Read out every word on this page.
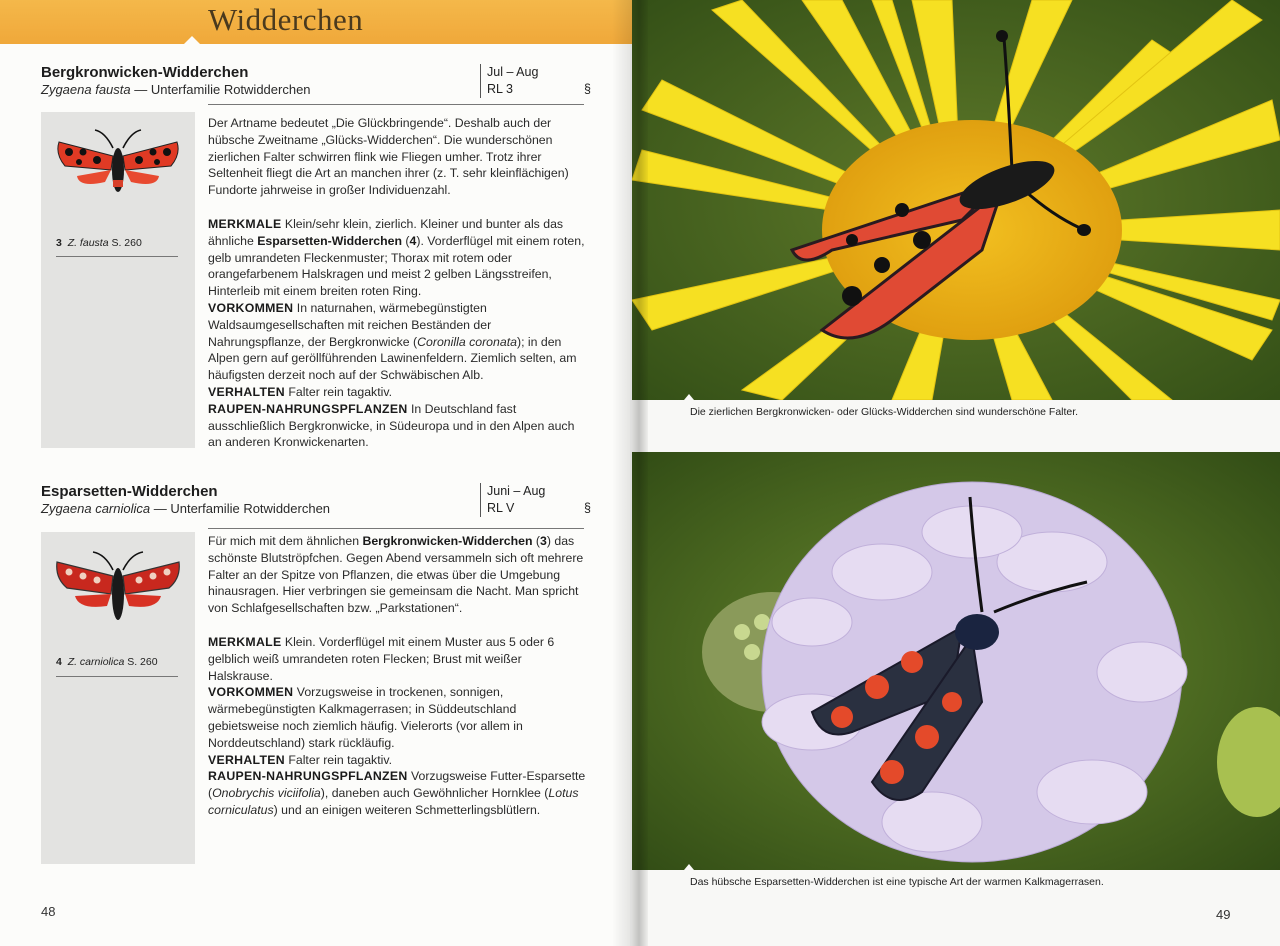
Widderchen
Bergkronwicken-Widderchen
Zygaena fausta — Unterfamilie Rotwidderchen
Jul – Aug
RL 3	§
3 Z. fausta S. 260

Der Artname bedeutet „Die Glückbringende“. Deshalb auch der hübsche Zweitname „Glücks-Widderchen“. Die wunderschönen zierlichen Falter schwirren flink wie Fliegen umher. Trotz ihrer Seltenheit fliegt die Art an manchen ihrer (z. T. sehr kleinflächigen) Fundorte jahrweise in großer Individuenzahl.

MERKMALE Klein/sehr klein, zierlich. Kleiner und bunter als das ähnliche Esparsetten-Widderchen (4). Vorderflügel mit einem roten, gelb umrandeten Fleckenmuster; Thorax mit rotem oder orangefarbenem Halskragen und meist 2 gelben Längsstreifen, Hinterleib mit einem breiten roten Ring.

VORKOMMEN In naturnahen, wärmebegünstigten Waldsaumgesellschaften mit reichen Beständen der Nahrungspflanze, der Bergkronwicke (Coronilla coronata); in den Alpen gern auf geröllführenden Lawinenfeldern. Ziemlich selten, am häufigsten derzeit noch auf der Schwäbischen Alb.

VERHALTEN Falter rein tagaktiv.

RAUPEN-NAHRUNGSPFLANZEN In Deutschland fast ausschließlich Bergkronwicke, in Südeuropa und in den Alpen auch an anderen Kronwickenarten.

Esparsetten-Widderchen
Zygaena carniolica — Unterfamilie Rotwidderchen
Juni – Aug
RL V	§
4 Z. carniolica S. 260

Für mich mit dem ähnlichen Bergkronwicken-Widderchen (3) das schönste Blutströpfchen. Gegen Abend versammeln sich oft mehrere Falter an der Spitze von Pflanzen, die etwas über die Umgebung hinausragen. Hier verbringen sie gemeinsam die Nacht. Man spricht von Schlafgesellschaften bzw. „Parkstationen“.

MERKMALE Klein. Vorderflügel mit einem Muster aus 5 oder 6 gelblich weiß umrandeten roten Flecken; Brust mit weißer Halskrause.

VORKOMMEN Vorzugsweise in trockenen, sonnigen, wärmebegünstigten Kalkmagerrasen; in Süddeutschland gebietsweise noch ziemlich häufig. Vielerorts (vor allem in Norddeutschland) stark rückläufig.

VERHALTEN Falter rein tagaktiv.

RAUPEN-NAHRUNGSPFLANZEN Vorzugsweise Futter-Esparsette (Onobrychis viciifolia), daneben auch Gewöhnlicher Hornklee (Lotus corniculatus) und an einigen weiteren Schmetterlingsblütlern.

48
Die zierlichen Bergkronwicken- oder Glücks-Widderchen sind wunderschöne Falter.
Das hübsche Esparsetten-Widderchen ist eine typische Art der warmen Kalkmagerrasen.
49
